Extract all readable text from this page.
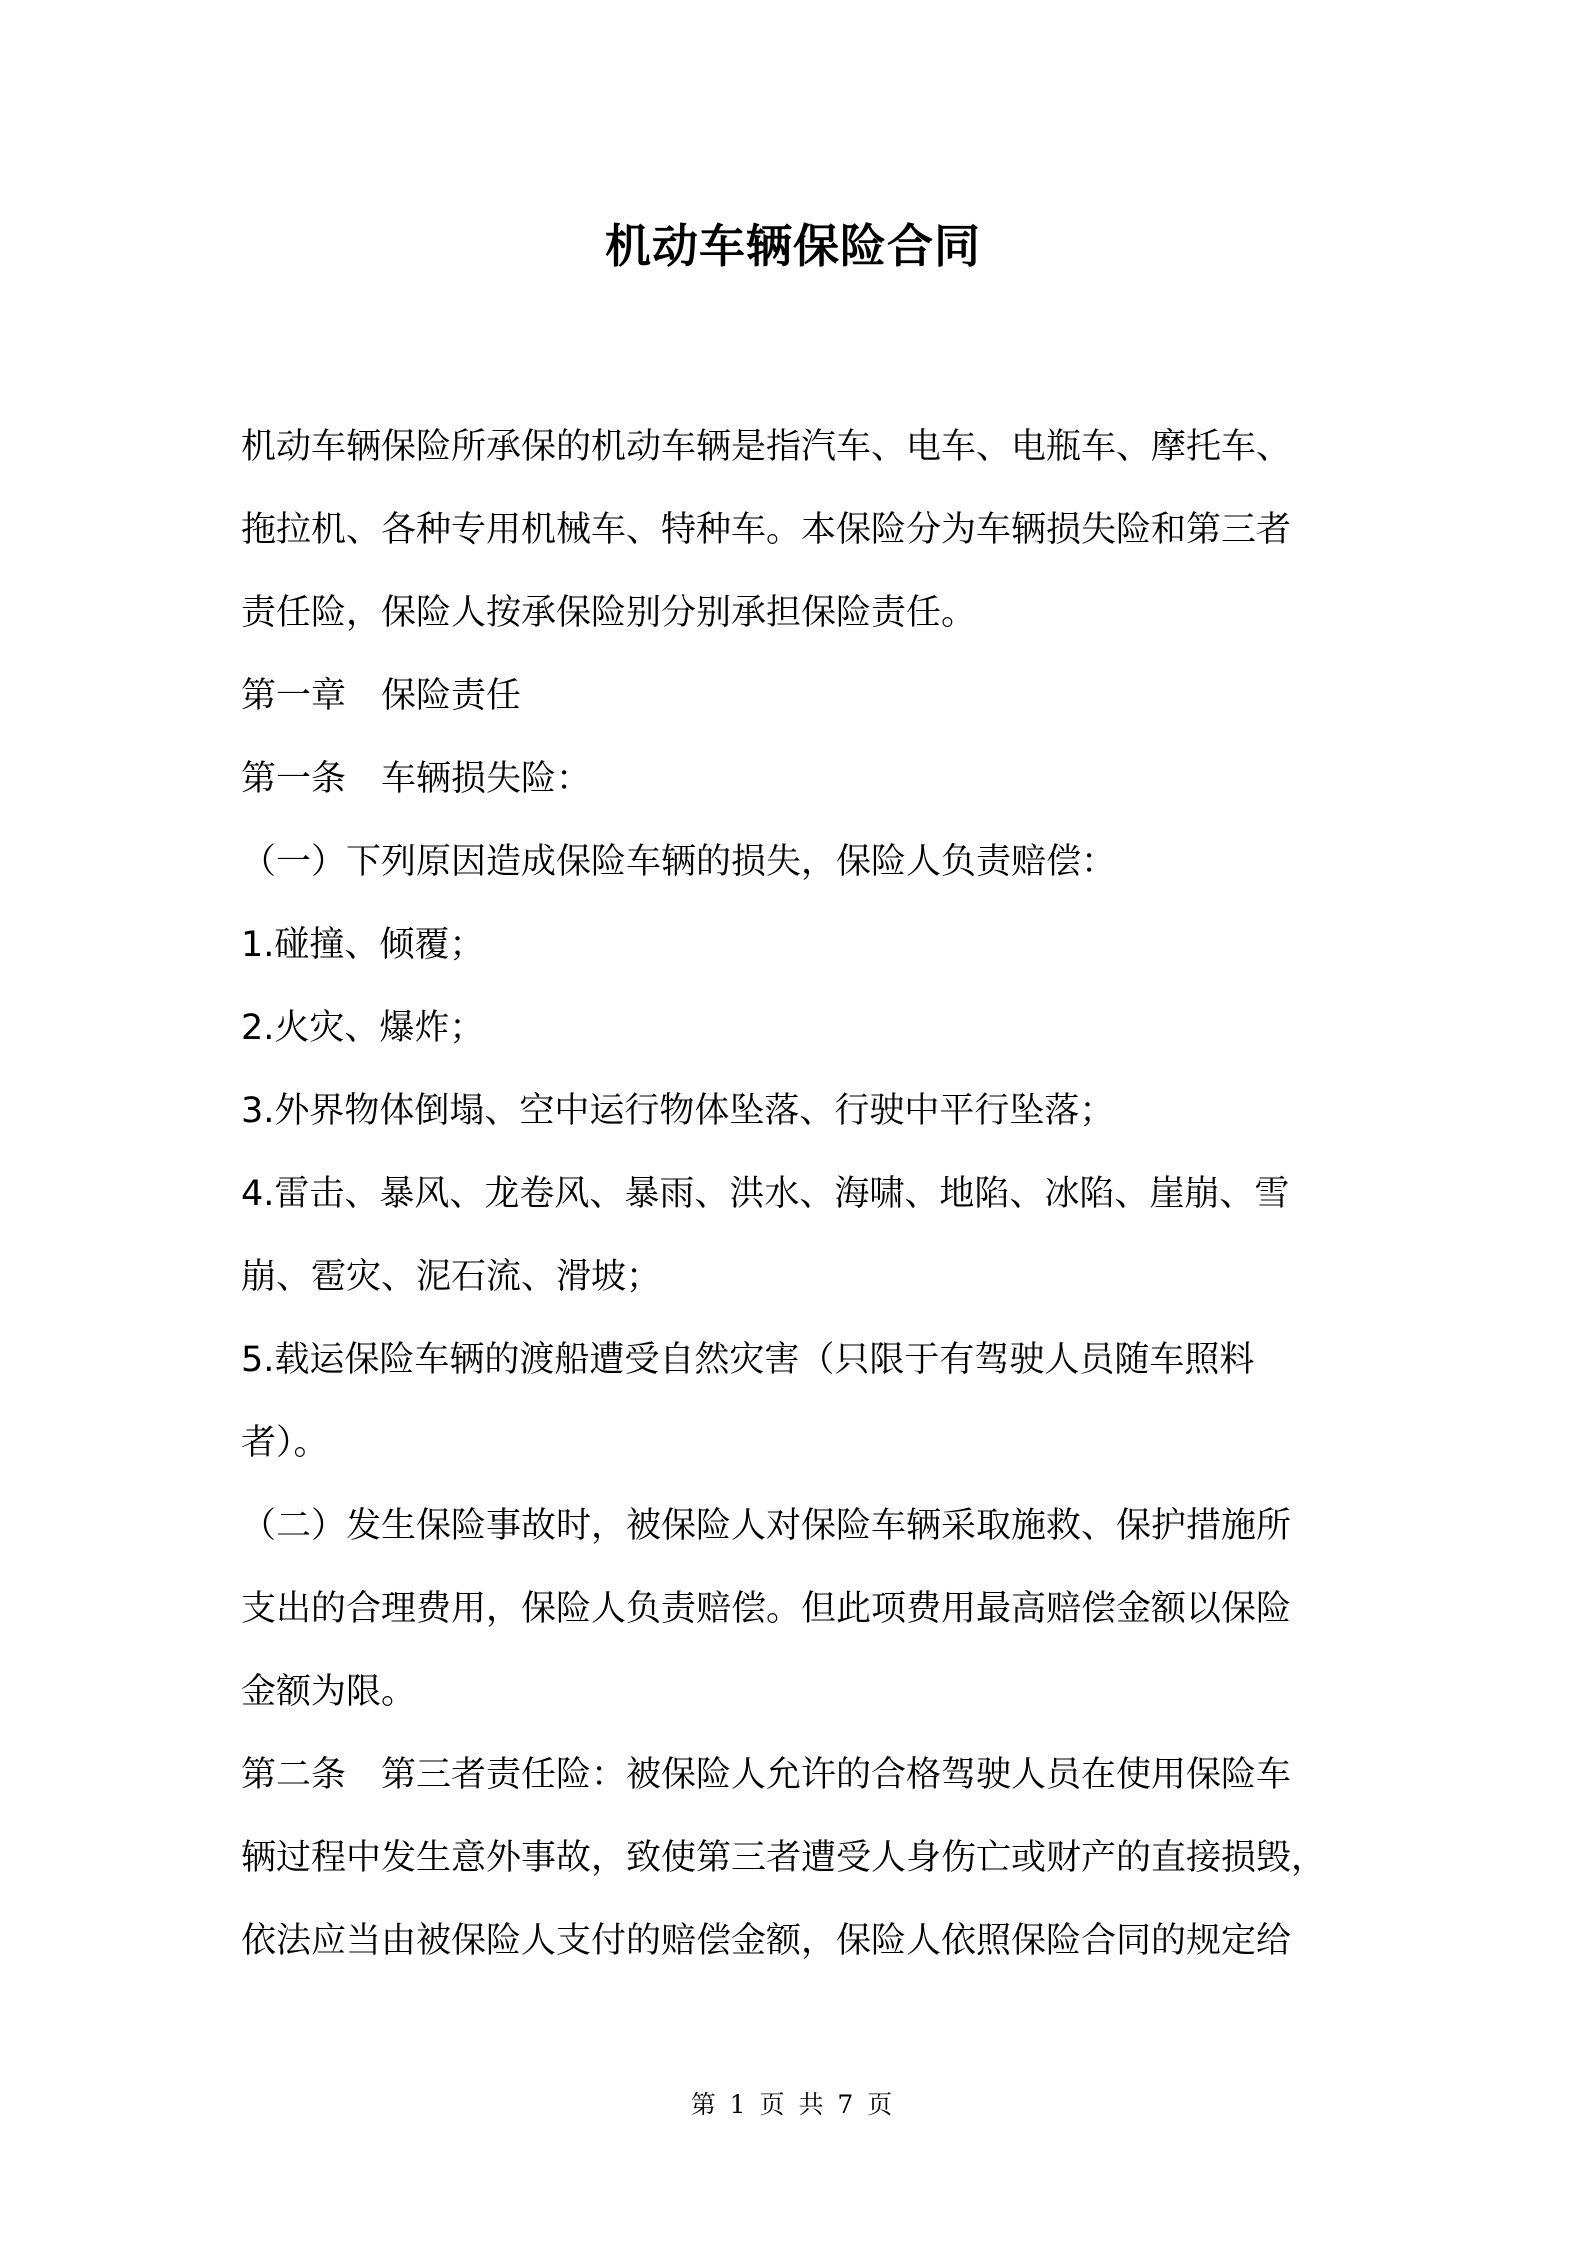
机动车辆保险合同
机动车辆保险所承保的机动车辆是指汽车、电车、电瓶车、摩托车、
拖拉机、各种专用机械车、特种车。本保险分为车辆损失险和第三者
责任险，保险人按承保险别分别承担保险责任。
第一章　保险责任
第一条　车辆损失险：
（一）下列原因造成保险车辆的损失，保险人负责赔偿：
1.碰撞、倾覆；
2.火灾、爆炸；
3.外界物体倒塌、空中运行物体坠落、行驶中平行坠落；
4.雷击、暴风、龙卷风、暴雨、洪水、海啸、地陷、冰陷、崖崩、雪
崩、雹灾、泥石流、滑坡；
5.载运保险车辆的渡船遭受自然灾害（只限于有驾驶人员随车照料
者）。
（二）发生保险事故时，被保险人对保险车辆采取施救、保护措施所
支出的合理费用，保险人负责赔偿。但此项费用最高赔偿金额以保险
金额为限。
第二条　第三者责任险：被保险人允许的合格驾驶人员在使用保险车
辆过程中发生意外事故，致使第三者遭受人身伤亡或财产的直接损毁，
依法应当由被保险人支付的赔偿金额，保险人依照保险合同的规定给
第 1 页 共 7 页
